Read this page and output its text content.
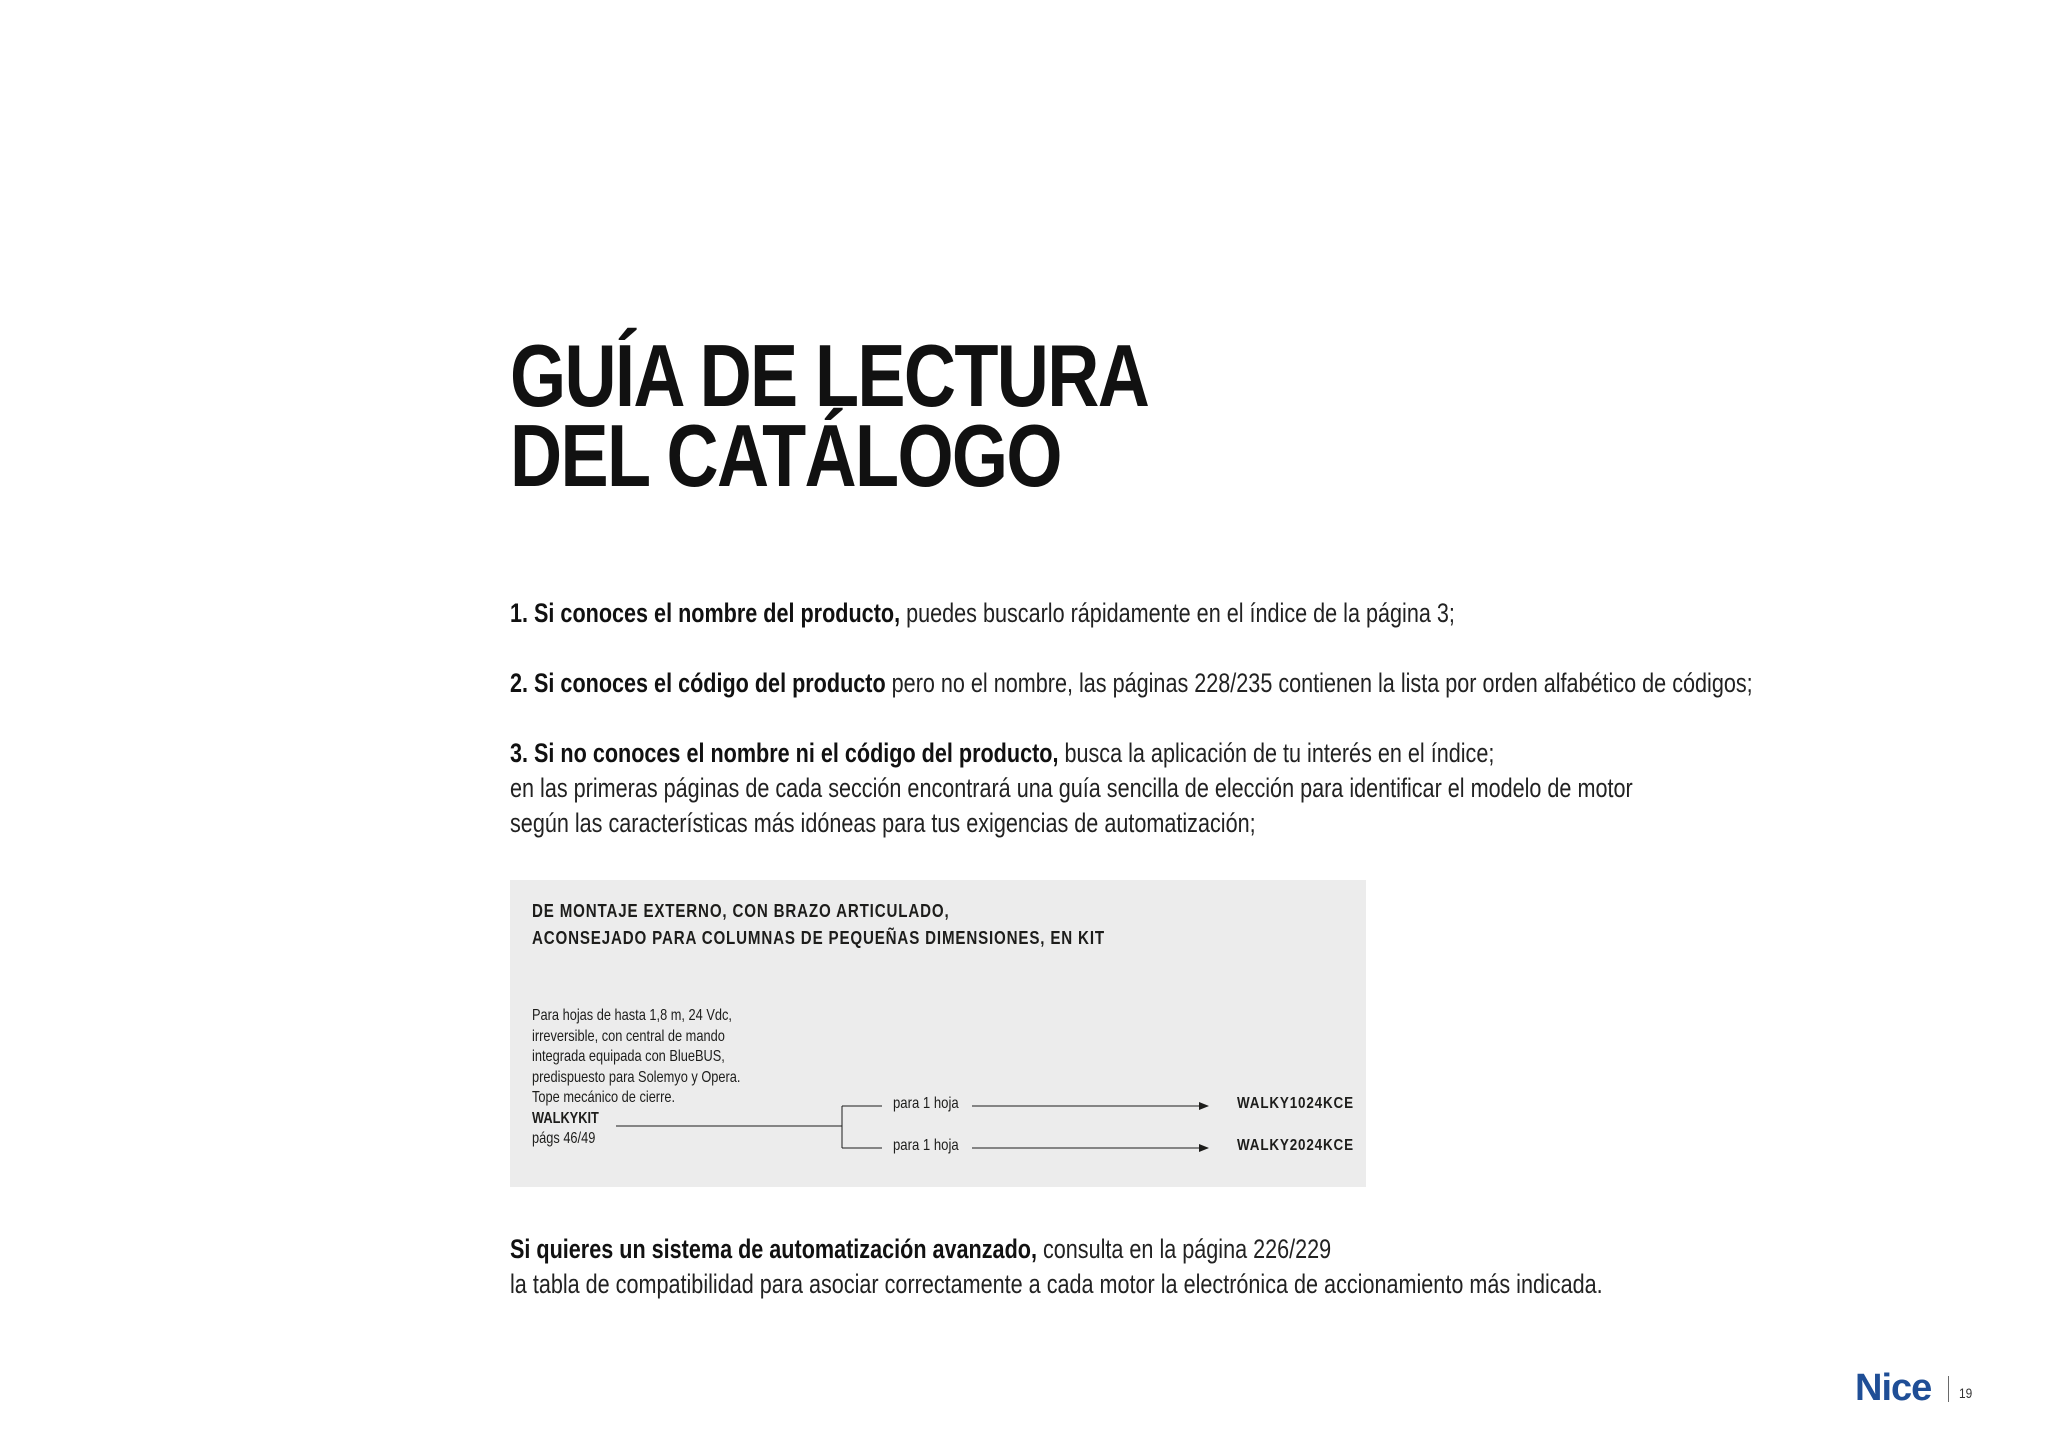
GUÍA DE LECTURA
DEL CATÁLOGO

1. Si conoces el nombre del producto, puedes buscarlo rápidamente en el índice de la página 3;

2. Si conoces el código del producto pero no el nombre, las páginas 228/235 contienen la lista por orden alfabético de códigos;

3. Si no conoces el nombre ni el código del producto, busca la aplicación de tu interés en el índice;
en las primeras páginas de cada sección encontrará una guía sencilla de elección para identificar el modelo de motor
según las características más idóneas para tus exigencias de automatización;
DE MONTAJE EXTERNO, CON BRAZO ARTICULADO,
ACONSEJADO PARA COLUMNAS DE PEQUEÑAS DIMENSIONES, EN KIT
Para hojas de hasta 1,8 m, 24 Vdc,
irreversible, con central de mando
integrada equipada con BlueBUS,
predispuesto para Solemyo y Opera.
Tope mecánico de cierre.
WALKYKIT
págs 46/49
para 1 hoja
para 1 hoja
WALKY1024KCE
WALKY2024KCE
Si quieres un sistema de automatización avanzado, consulta en la página 226/229
la tabla de compatibilidad para asociar correctamente a cada motor la electrónica de accionamiento más indicada.
Nice 19
